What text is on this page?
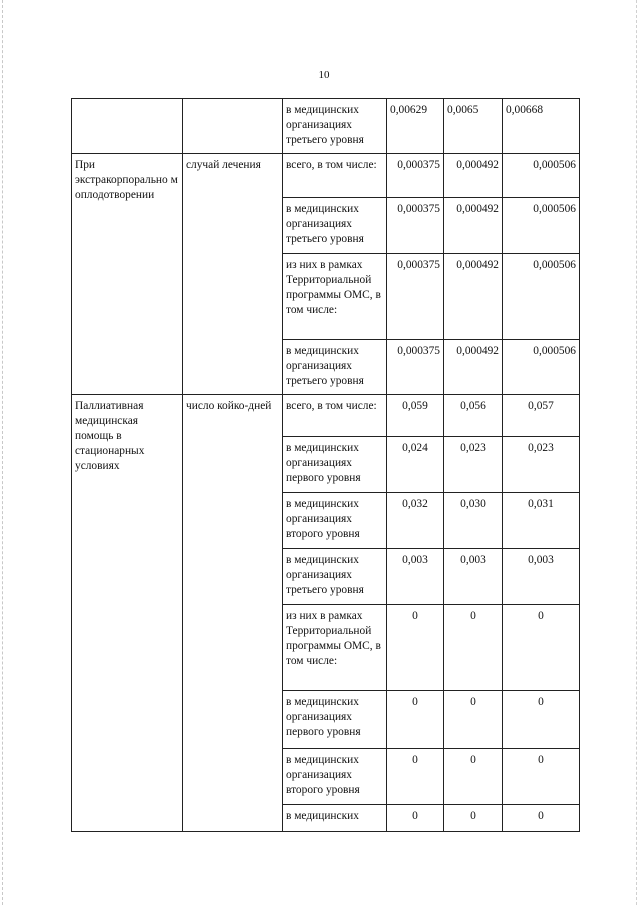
10
		в медицинских организациях третьего уровня	0,00629	0,0065	0,00668
При экстракорпорально м оплодотворении	случай лечения	всего, в том числе:	0,000375	0,000492	0,000506
		в медицинских организациях третьего уровня	0,000375	0,000492	0,000506
		из них в рамках Территориальной программы ОМС, в том числе:	0,000375	0,000492	0,000506
		в медицинских организациях третьего уровня	0,000375	0,000492	0,000506
Паллиативная медицинская помощь в стационарных условиях	число койко-дней	всего, в том числе:	0,059	0,056	0,057
		в медицинских организациях первого уровня	0,024	0,023	0,023
		в медицинских организациях второго уровня	0,032	0,030	0,031
		в медицинских организациях третьего уровня	0,003	0,003	0,003
		из них в рамках Территориальной программы ОМС, в том числе:	0	0	0
		в медицинских организациях первого уровня	0	0	0
		в медицинских организациях второго уровня	0	0	0
		в медицинских	0	0	0
